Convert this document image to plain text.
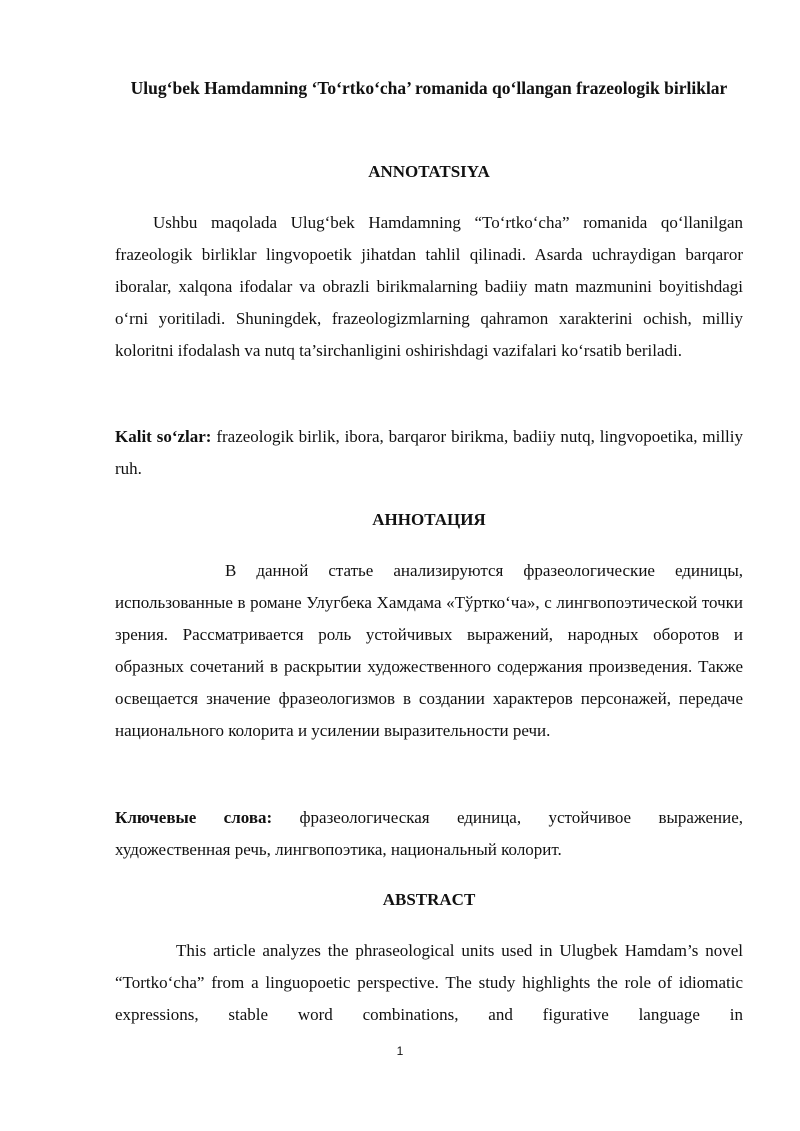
Ulug‘bek Hamdamning ‘To‘rtko‘cha’ romanida qo‘llangan frazeologik birliklar
ANNOTATSIYA
Ushbu maqolada Ulug‘bek Hamdamning “To‘rtko‘cha” romanida qo‘llanilgan frazeologik birliklar lingvopoetik jihatdan tahlil qilinadi. Asarda uchraydigan barqaror iboralar, xalqona ifodalar va obrazli birikmalarning badiiy matn mazmunini boyitishdagi o‘rni yoritiladi. Shuningdek, frazeologizmlarning qahramon xarakterini ochish, milliy koloritni ifodalash va nutq ta’sirchanligini oshirishdagi vazifalari ko‘rsatib beriladi.
Kalit so‘zlar: frazeologik birlik, ibora, barqaror birikma, badiiy nutq, lingvopoetika, milliy ruh.
АННОТАЦИЯ
В данной статье анализируются фразеологические единицы, использованные в романе Улугбека Хамдама «Тўртко‘ча», с лингвопоэтической точки зрения. Рассматривается роль устойчивых выражений, народных оборотов и образных сочетаний в раскрытии художественного содержания произведения. Также освещается значение фразеологизмов в создании характеров персонажей, передаче национального колорита и усилении выразительности речи.
Ключевые слова: фразеологическая единица, устойчивое выражение, художественная речь, лингвопоэтика, национальный колорит.
ABSTRACT
This article analyzes the phraseological units used in Ulugbek Hamdam’s novel “Tortko‘cha” from a linguopoetic perspective. The study highlights the role of idiomatic expressions, stable word combinations, and figurative language in
1
